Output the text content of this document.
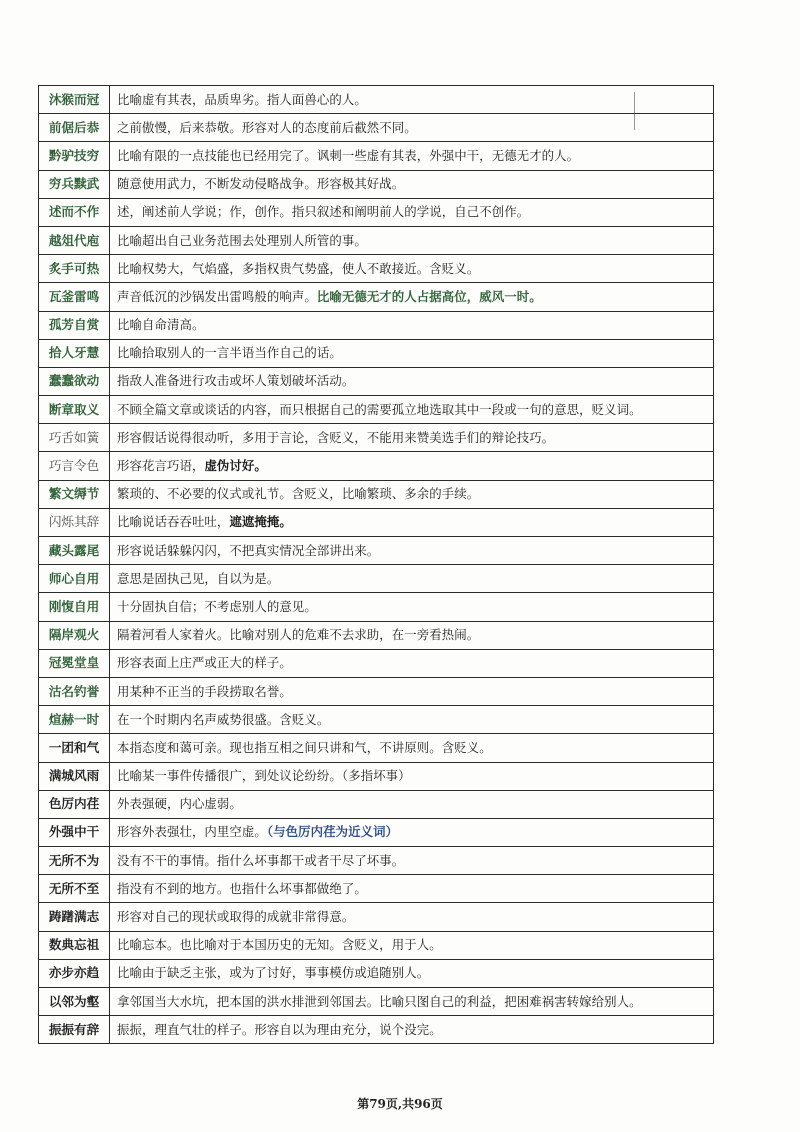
沐猴而冠	比喻虚有其表，品质卑劣。指人面兽心的人。
前倨后恭	之前傲慢，后来恭敬。形容对人的态度前后截然不同。
黔驴技穷	比喻有限的一点技能也已经用完了。讽刺一些虚有其表，外强中干，无德无才的人。
穷兵黩武	随意使用武力，不断发动侵略战争。形容极其好战。
述而不作	述，阐述前人学说；作，创作。指只叙述和阐明前人的学说，自己不创作。
越俎代庖	比喻超出自己业务范围去处理别人所管的事。
炙手可热	比喻权势大，气焰盛，多指权贵气势盛，使人不敢接近。含贬义。
瓦釜雷鸣	声音低沉的沙锅发出雷鸣般的响声。比喻无德无才的人占据高位，威风一时。
孤芳自赏	比喻自命清高。
拾人牙慧	比喻拾取别人的一言半语当作自己的话。
蠢蠢欲动	指敌人准备进行攻击或坏人策划破坏活动。
断章取义	不顾全篇文章或谈话的内容，而只根据自己的需要孤立地选取其中一段或一句的意思，贬义词。
巧舌如簧	形容假话说得很动听，多用于言论，含贬义，不能用来赞美选手们的辩论技巧。
巧言令色	形容花言巧语，虚伪讨好。
繁文缛节	繁琐的、不必要的仪式或礼节。含贬义，比喻繁琐、多余的手续。
闪烁其辞	比喻说话吞吞吐吐，遮遮掩掩。
藏头露尾	形容说话躲躲闪闪，不把真实情况全部讲出来。
师心自用	意思是固执己见，自以为是。
刚愎自用	十分固执自信；不考虑别人的意见。
隔岸观火	隔着河看人家着火。比喻对别人的危难不去求助，在一旁看热闹。
冠冕堂皇	形容表面上庄严或正大的样子。
沽名钓誉	用某种不正当的手段捞取名誉。
煊赫一时	在一个时期内名声威势很盛。含贬义。
一团和气	本指态度和蔼可亲。现也指互相之间只讲和气，不讲原则。含贬义。
满城风雨	比喻某一事件传播很广，到处议论纷纷。（多指坏事）
色厉内荏	外表强硬，内心虚弱。
外强中干	形容外表强壮，内里空虚。（与色厉内荏为近义词）
无所不为	没有不干的事情。指什么坏事都干或者干尽了坏事。
无所不至	指没有不到的地方。也指什么坏事都做绝了。
踌躇满志	形容对自己的现状或取得的成就非常得意。
数典忘祖	比喻忘本。也比喻对于本国历史的无知。含贬义，用于人。
亦步亦趋	比喻由于缺乏主张，或为了讨好，事事模仿或追随别人。
以邻为壑	拿邻国当大水坑，把本国的洪水排泄到邻国去。比喻只图自己的利益，把困难祸害转嫁给别人。
振振有辞	振振，理直气壮的样子。形容自以为理由充分，说个没完。
第79页,共96页
